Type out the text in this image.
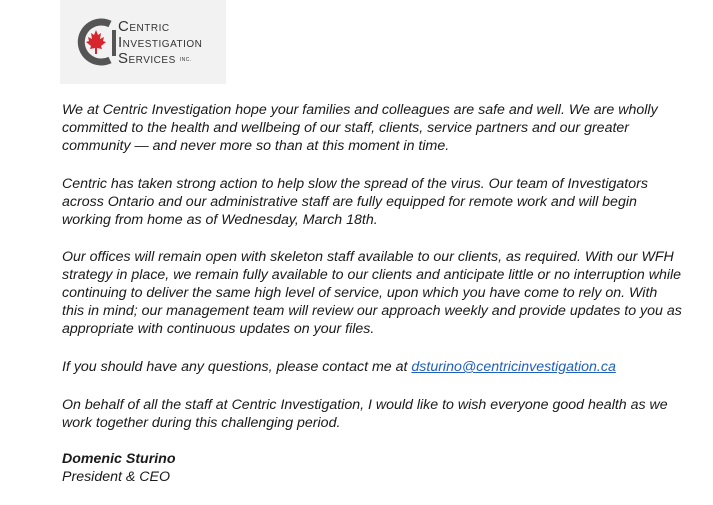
CENTRIC
INVESTIGATION
SERVICES INC.

We at Centric Investigation hope your families and colleagues are safe and well. We are wholly committed to the health and wellbeing of our staff, clients, service partners and our greater community — and never more so than at this moment in time.

Centric has taken strong action to help slow the spread of the virus. Our team of Investigators across Ontario and our administrative staff are fully equipped for remote work and will begin working from home as of Wednesday, March 18th.

Our offices will remain open with skeleton staff available to our clients, as required. With our WFH strategy in place, we remain fully available to our clients and anticipate little or no interruption while continuing to deliver the same high level of service, upon which you have come to rely on. With this in mind; our management team will review our approach weekly and provide updates to you as appropriate with continuous updates on your files.

If you should have any questions, please contact me at dsturino@centricinvestigation.ca

On behalf of all the staff at Centric Investigation, I would like to wish everyone good health as we work together during this challenging period.

Domenic Sturino

President & CEO
